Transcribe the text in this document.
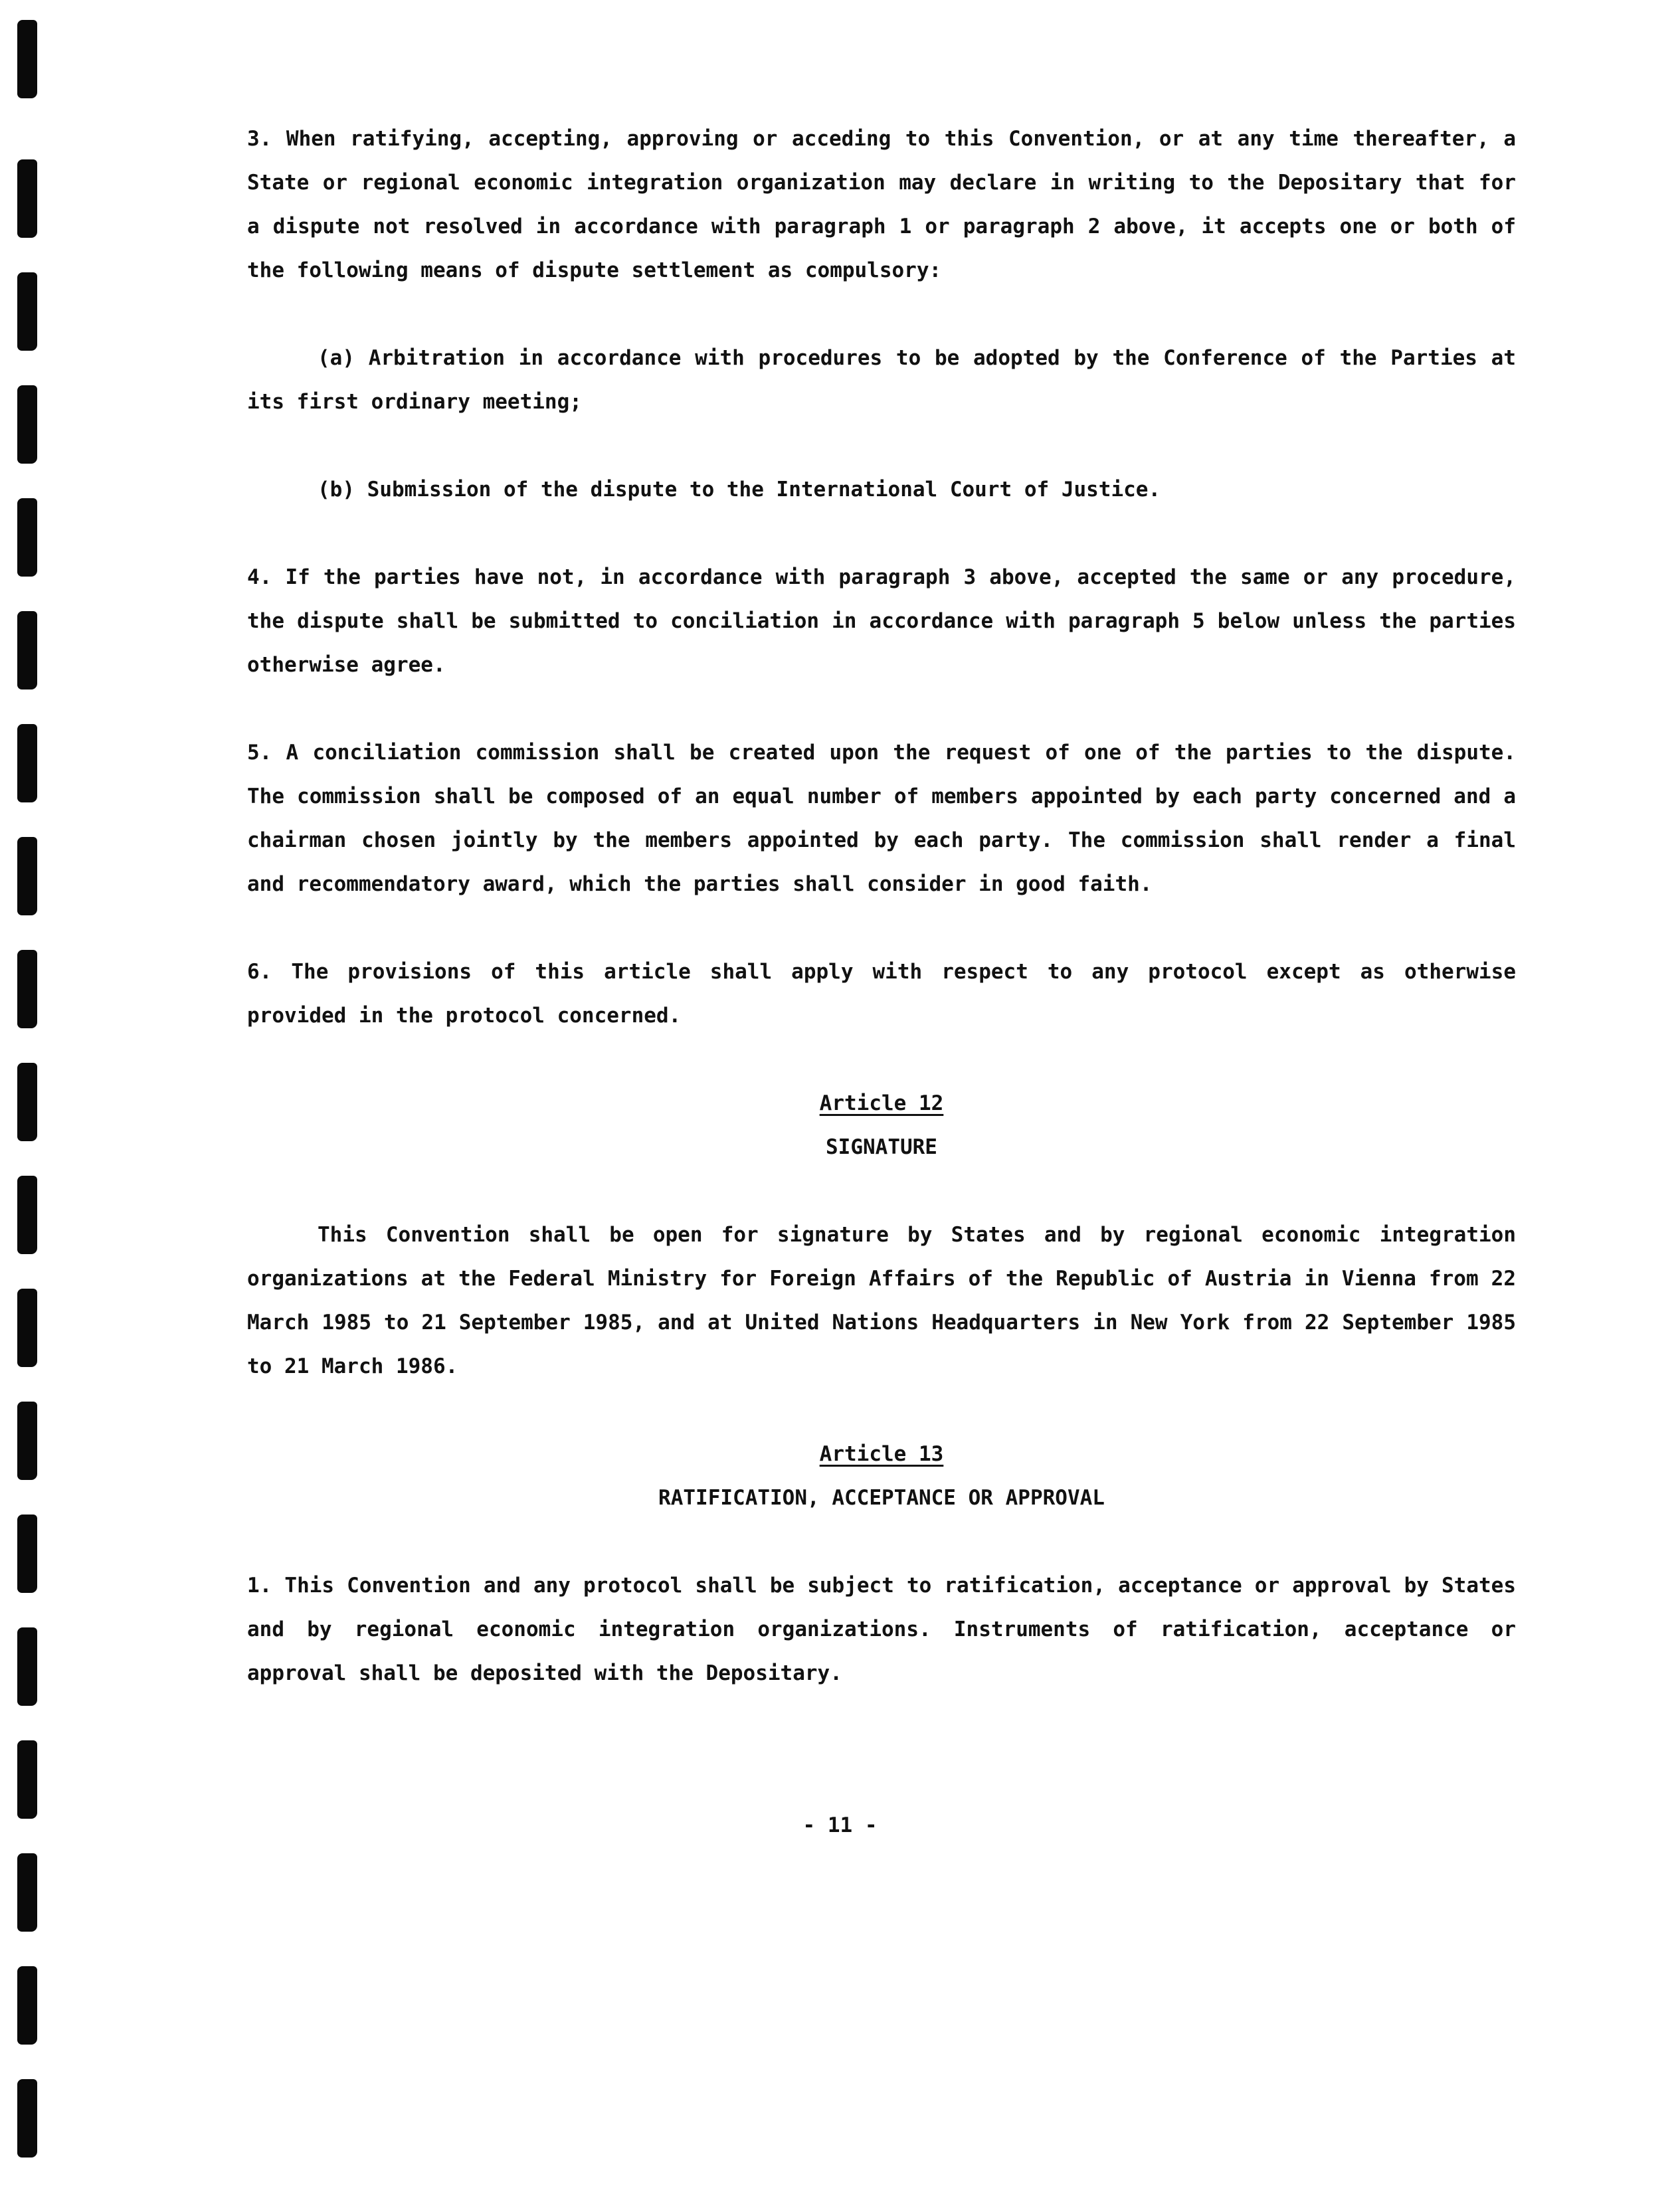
3. When ratifying, accepting, approving or acceding to this Convention, or at any time thereafter, a State or regional economic integration organization may declare in writing to the Depositary that for a dispute not resolved in accordance with paragraph 1 or paragraph 2 above, it accepts one or both of the following means of dispute settlement as compulsory:

(a) Arbitration in accordance with procedures to be adopted by the Conference of the Parties at its first ordinary meeting;

(b) Submission of the dispute to the International Court of Justice.

4. If the parties have not, in accordance with paragraph 3 above, accepted the same or any procedure, the dispute shall be submitted to conciliation in accordance with paragraph 5 below unless the parties otherwise agree.

5. A conciliation commission shall be created upon the request of one of the parties to the dispute. The commission shall be composed of an equal number of members appointed by each party concerned and a chairman chosen jointly by the members appointed by each party. The commission shall render a final and recommendatory award, which the parties shall consider in good faith.

6. The provisions of this article shall apply with respect to any protocol except as otherwise provided in the protocol concerned.

Article 12

SIGNATURE

This Convention shall be open for signature by States and by regional economic integration organizations at the Federal Ministry for Foreign Affairs of the Republic of Austria in Vienna from 22 March 1985 to 21 September 1985, and at United Nations Headquarters in New York from 22 September 1985 to 21 March 1986.

Article 13

RATIFICATION, ACCEPTANCE OR APPROVAL

1. This Convention and any protocol shall be subject to ratification, acceptance or approval by States and by regional economic integration organizations. Instruments of ratification, acceptance or approval shall be deposited with the Depositary.

- 11 -
